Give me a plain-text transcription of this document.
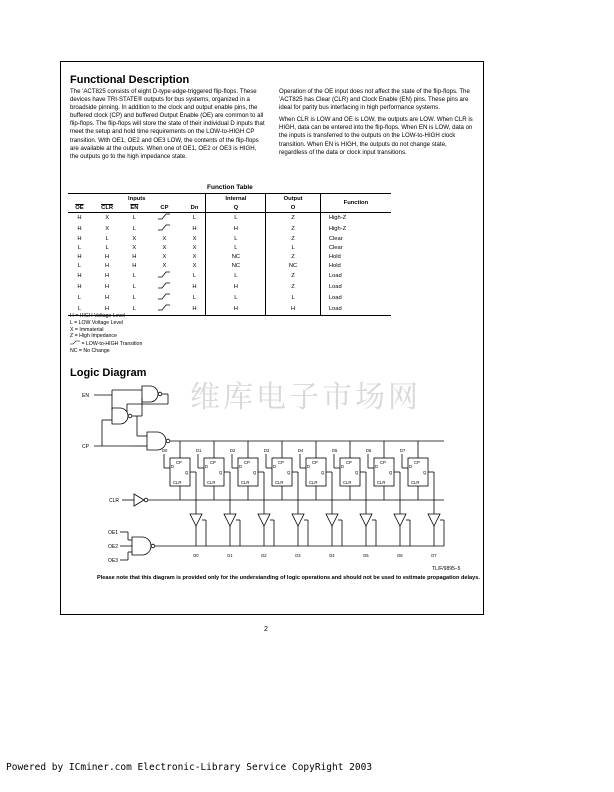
Functional Description

The 'ACT825 consists of eight D-type edge-triggered flip-flops. These devices have TRI-STATE® outputs for bus systems, organized in a broadside pinning. In addition to the clock and output enable pins, the buffered clock (CP) and buffered Output Enable (OE) are common to all flip-flops. The flip-flops will store the state of their individual D inputs that meet the setup and hold time requirements on the LOW-to-HIGH CP transition. With OE1, OE2 and OE3 LOW, the contents of the flip-flops are available at the outputs. When one of OE1, OE2 or OE3 is HIGH, the outputs go to the high impedance state.

Operation of the OE input does not affect the state of the flip-flops. The 'ACT825 has Clear (CLR) and Clock Enable (EN) pins. These pins are ideal for parity bus interfacing in high performance systems.

When CLR is LOW and OE is LOW, the outputs are LOW. When CLR is HIGH, data can be entered into the flip-flops. When EN is LOW, data on the inputs is transferred to the outputs on the LOW-to-HIGH clock transition. When EN is HIGH, the outputs do not change state, regardless of the data or clock input transitions.

Function Table
Inputs					Internal	Output	Function
$\overline{OE}$	$\overline{CLR}$	$\overline{EN}$	CP	Dn	Q	O	
H	X	L		L	L	Z	High-Z
H	X	L		H	H	Z	High-Z
H	L	X	X	X	L	Z	Clear
L	L	X	X	X	L	L	Clear
H	H	H	X	X	NC	Z	Hold
L	H	H	X	X	NC	NC	Hold
H	H	L		L	L	Z	Load
H	H	L		H	H	Z	Load
L	H	L		L	L	L	Load
L	H	L		H	H	H	Load
H = HIGH Voltage Level
L = LOW Voltage Level
X = Immaterial
Z = High Impedance
= LOW-to-HIGH Transition
NC = No Change
Logic Diagram
维库电子市场网
D0
D
CP
Q
CLR
O0
D1
D
CP
Q
CLR
O1
D2
D
CP
Q
CLR
O2
D3
D
CP
Q
CLR
O3
D4
D
CP
Q
CLR
O4
D5
D
CP
Q
CLR
O5
D6
D
CP
Q
CLR
O6
D7
D
CP
Q
CLR
O7
EN
CP
CLR
OE1
OE2
OE3
TL/F/9895–5
Please note that this diagram is provided only for the understanding of logic operations and should not be used to estimate propagation delays.
2
Powered by ICminer.com Electronic-Library Service CopyRight 2003
